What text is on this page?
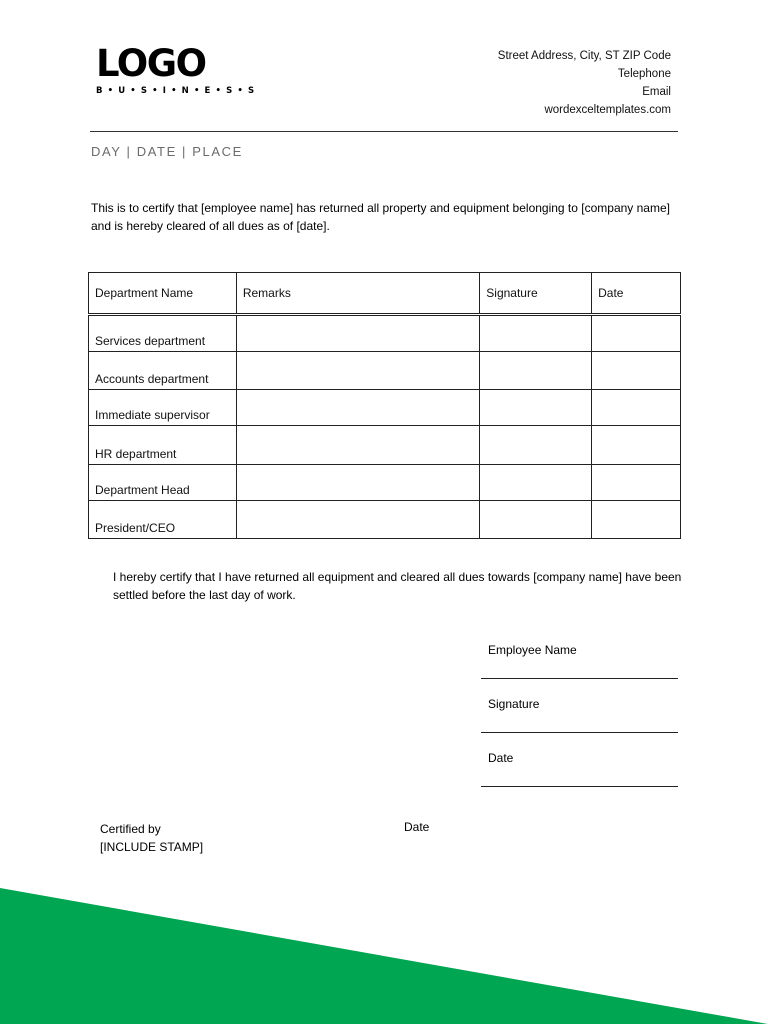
LOGO
B • U • S • I • N • E • S • S
Street Address, City, ST ZIP Code
Telephone
Email
wordexceltemplates.com
DAY | DATE | PLACE

This is to certify that [employee name] has returned all property and equipment belonging to [company name] and is hereby cleared of all dues as of [date].

Department Name	Remarks	Signature	Date
Services department			
Accounts department			
Immediate supervisor			
HR department			
Department Head			
President/CEO			

I hereby certify that I have returned all equipment and cleared all dues towards [company name] have been settled before the last day of work.

Employee Name
Signature
Date
Certified by
[INCLUDE STAMP]
Date
